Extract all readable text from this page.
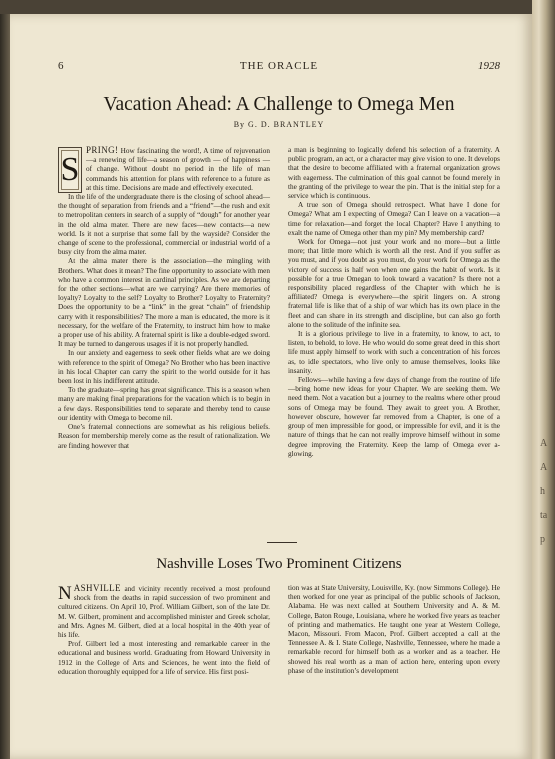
A
A
h
ta
p
6	THE ORACLE	1928
Vacation Ahead: A Challenge to Omega Men
By G. D. BRANTLEY

S
PRING! How fascinating the word!, A time of rejuvenation—a renewing of life—a season of growth — of happiness — of change. Without doubt no period in the life of man commands his attention for plans with reference to a future as at this time. Decisions are made and effectively executed.

In the life of the undergraduate there is the closing of school ahead—the thought of separation from friends and a “friend”—the rush and exit to metropolitan centers in search of a supply of “dough” for another year in the old alma mater. There are new faces—new contacts—a new world. Is it not a surprise that some fall by the wayside? Consider the change of scene to the professional, commercial or industrial world of a busy city from the alma mater.

At the alma mater there is the association—the mingling with Brothers. What does it mean? The fine opportunity to associate with men who have a common interest in cardinal principles. As we are departing for the other sections—what are we carrying? Are there memories of loyalty? Loyalty to the self? Loyalty to Brother? Loyalty to Fraternity? Does the opportunity to be a “link” in the great “chain” of friendship carry with it responsibilities? The more a man is educated, the more is it necessary, for the welfare of the Fraternity, to instruct him how to make a proper use of his ability. A fraternal spirit is like a double-edged sword. It may be turned to dangerous usages if it is not properly handled.

In our anxiety and eagerness to seek other fields what are we doing with reference to the spirit of Omega? No Brother who has been inactive in his local Chapter can carry the spirit to the world outside for it has been lost in his indifferent attitude.

To the graduate—spring has great significance. This is a season when many are making final preparations for the vacation which is to begin in a few days. Responsibilities tend to separate and thereby tend to cause our identity with Omega to become nil.

One’s fraternal connections are somewhat as his religious beliefs. Reason for membership merely come as the result of rationalization. We are finding however that

a man is beginning to logically defend his selection of a fraternity. A public program, an act, or a character may give vision to one. It develops that the desire to become affiliated with a fraternal organization grows with eagerness. The culmination of this goal cannot be found merely in the granting of the privilege to wear the pin. That is the initial step for a service which is continuous.

A true son of Omega should retrospect. What have I done for Omega? What am I expecting of Omega? Can I leave on a vacation—a time for relaxation—and forget the local Chapter? Have I anything to exalt the name of Omega other than my pin? My membership card?

Work for Omega—not just your work and no more—but a little more; that little more which is worth all the rest. And if you suffer as you must, and if you doubt as you must, do your work for Omega as the victory of success is half won when one gains the habit of work. Is it possible for a true Omegan to look toward a vacation? Is there not a responsibility placed regardless of the Chapter with which he is affiliated? Omega is everywhere—the spirit lingers on. A strong fraternal life is like that of a ship of war which has its own place in the fleet and can share in its strength and discipline, but can also go forth alone to the solitude of the infinite sea.

It is a glorious privilege to live in a fraternity, to know, to act, to listen, to behold, to love. He who would do some great deed in this short life must apply himself to work with such a concentration of his forces as, to idle spectators, who live only to amuse themselves, looks like insanity.

Fellows—while having a few days of change from the routine of life—bring home new ideas for your Chapter. We are seeking them. We need them. Not a vacation but a journey to the realms where other proud sons of Omega may be found. They await to greet you. A Brother, however obscure, however far removed from a Chapter, is one of a group of men impressible for good, or impressible for evil, and it is the nature of things that he can not really improve himself without in some degree improving the Fraternity. Keep the lamp of Omega ever a-glowing.

Nashville Loses Two Prominent Citizens

NASHVILLE and vicinity recently received a most profound shock from the deaths in rapid succession of two prominent and cultured citizens. On April 10, Prof. William Gilbert, son of the late Dr. M. W. Gilbert, prominent and accomplished minister and Greek scholar, and Mrs. Agnes M. Gilbert, died at a local hospital in the 40th year of his life.

Prof. Gilbert led a most interesting and remarkable career in the educational and business world. Graduating from Howard University in 1912 in the College of Arts and Sciences, he went into the field of education thoroughly equipped for a life of service. His first posi-

tion was at State University, Louisville, Ky. (now Simmons College). He then worked for one year as principal of the public schools of Jackson, Alabama. He was next called at Southern University and A. & M. College, Baton Rouge, Louisiana, where he worked five years as teacher of printing and mathematics. He taught one year at Western College, Macon, Missouri. From Macon, Prof. Gilbert accepted a call at the Tennessee A. & I. State College, Nashville, Tennessee, where he made a remarkable record for himself both as a worker and as a teacher. He showed his real worth as a man of action here, entering upon every phase of the institution’s development
